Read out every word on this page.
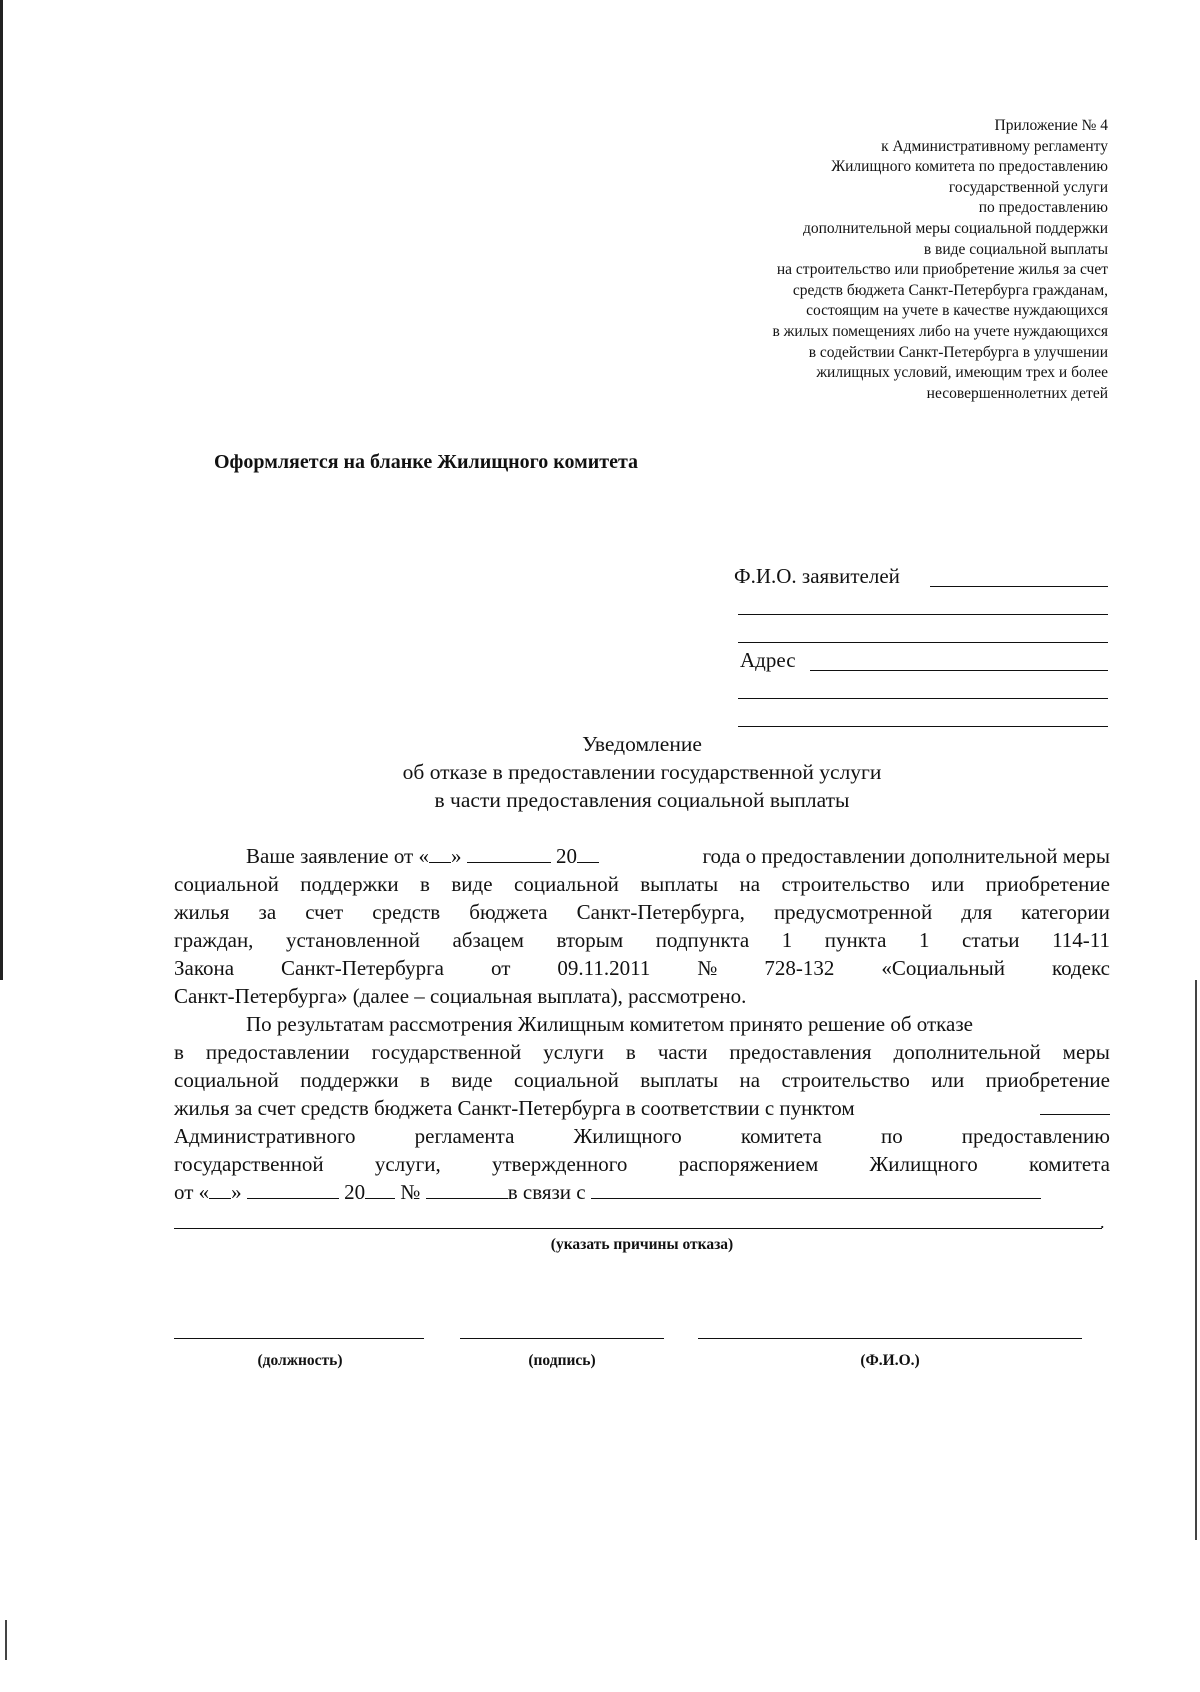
Приложение № 4
к Административному регламенту
Жилищного комитета по предоставлению
государственной услуги
по предоставлению
дополнительной меры социальной поддержки
в виде социальной выплаты
на строительство или приобретение жилья за счет
средств бюджета Санкт-Петербурга гражданам,
состоящим на учете в качестве нуждающихся
в жилых помещениях либо на учете нуждающихся
в содействии Санкт-Петербурга в улучшении
жилищных условий, имеющим трех и более
несовершеннолетних детей
Оформляется на бланке Жилищного комитета
Ф.И.О. заявителей
Адрес
Уведомление
об отказе в предоставлении государственной услуги
в части предоставления социальной выплаты
Ваше заявление от « »	20	года о предоставлении дополнительной меры
социальной поддержки в виде социальной выплаты на строительство или приобретение
жилья за счет средств бюджета Санкт-Петербурга, предусмотренной для категории
граждан, установленной абзацем вторым подпункта 1 пункта 1 статьи 114-11
Закона Санкт-Петербурга от 09.11.2011 № 728-132 «Социальный кодекс
Санкт-Петербурга» (далее – социальная выплата), рассмотрено.
По результатам рассмотрения Жилищным комитетом принято решение об отказе
в предоставлении государственной услуги в части предоставления дополнительной меры
социальной поддержки в виде социальной выплаты на строительство или приобретение
жилья за счет средств бюджета Санкт-Петербурга в соответствии с пунктом
Административного	регламента	Жилищного	комитета	по	предоставлению
государственной услуги, утвержденного распоряжением Жилищного комитета
от « »	20 №	в связи с
.
(указать причины отказа)
(должность)	(подпись)	(Ф.И.О.)
